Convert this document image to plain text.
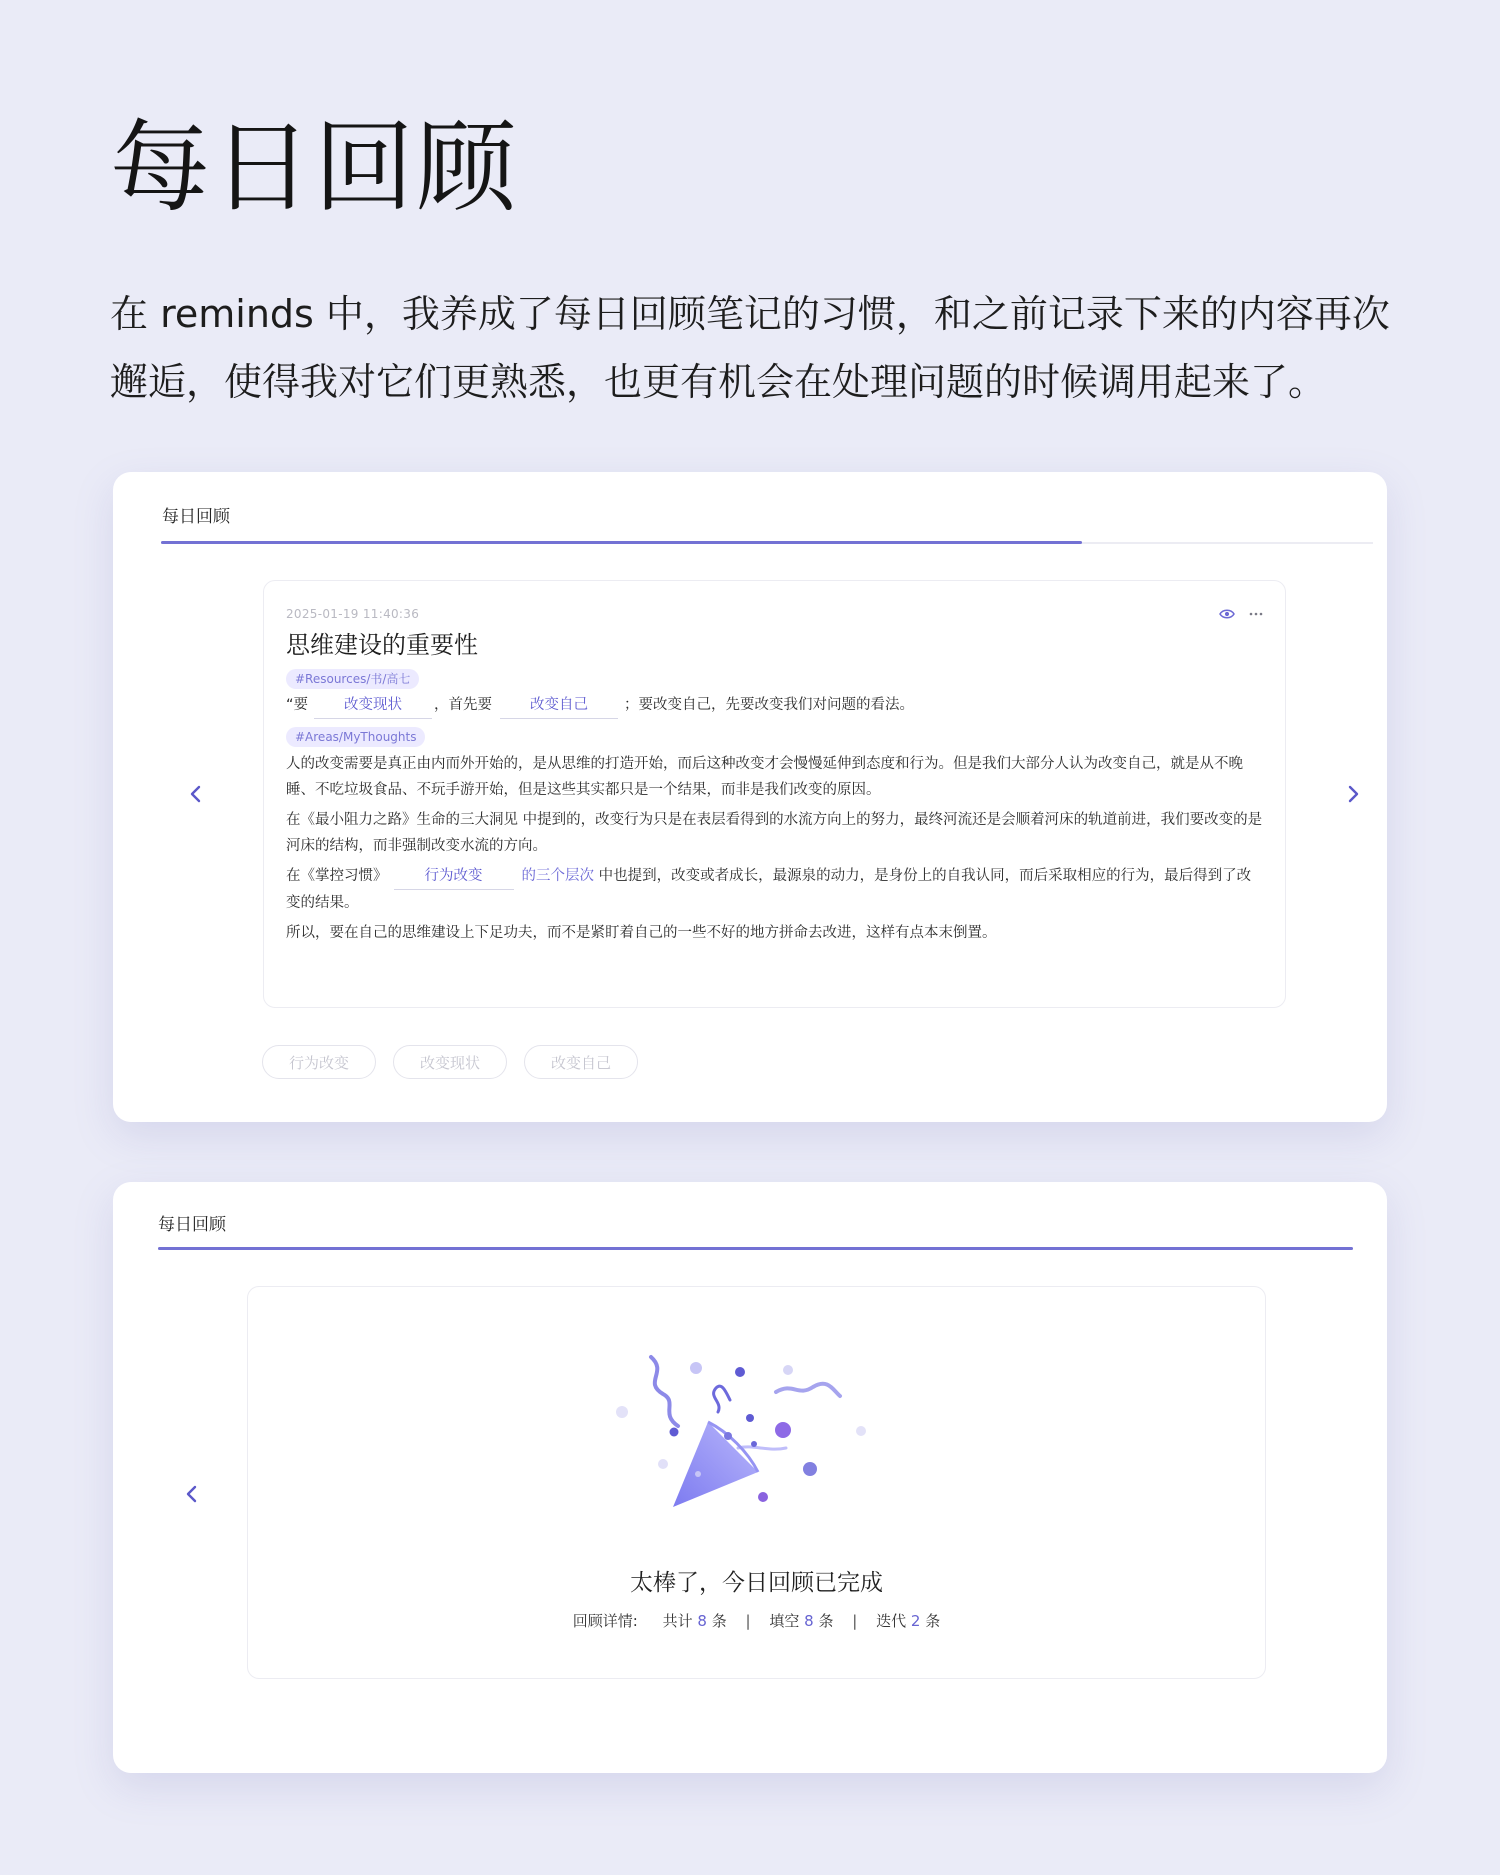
每日回顾
在 reminds 中，我养成了每日回顾笔记的习惯，和之前记录下来的内容再次
邂逅，使得我对它们更熟悉，也更有机会在处理问题的时候调用起来了。
每日回顾
2025-01-19 11:40:36
思维建设的重要性
#Resources/书/高七
“要 改变现状 ，首先要	改变自己 ；要改变自己，先要改变我们对问题的看法。
#Areas/MyThoughts
人的改变需要是真正由内而外开始的，是从思维的打造开始，而后这种改变才会慢慢延伸到态度和行为。但是我们大部分人认为改变自己，就是从不晚睡、不吃垃圾食品、不玩手游开始，但是这些其实都只是一个结果，而非是我们改变的原因。
在《最小阻力之路》生命的三大洞见 中提到的，改变行为只是在表层看得到的水流方向上的努力，最终河流还是会顺着河床的轨道前进，我们要改变的是河床的结构，而非强制改变水流的方向。
在《掌控习惯》	行为改变	的三个层次 中也提到，改变或者成长，最源泉的动力，是身份上的自我认同，而后采取相应的行为，最后得到了改变的结果。
所以，要在自己的思维建设上下足功夫，而不是紧盯着自己的一些不好的地方拼命去改进，这样有点本末倒置。
行为改变	改变现状	改变自己
每日回顾
太棒了，今日回顾已完成
回顾详情: 共计 8 条 | 填空 8 条 | 迭代 2 条
